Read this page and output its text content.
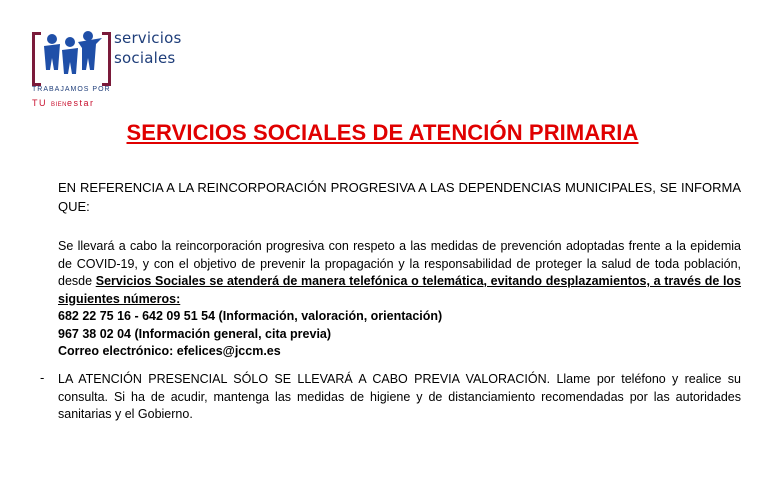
servicios
sociales
TRABAJAMOS POR
TU BIENestar
SERVICIOS SOCIALES DE ATENCIÓN PRIMARIA
EN REFERENCIA A LA REINCORPORACIÓN PROGRESIVA A LAS DEPENDENCIAS MUNICIPALES, SE INFORMA QUE:
Se llevará a cabo la reincorporación progresiva con respeto a las medidas de prevención adoptadas frente a la epidemia de COVID-19, y con el objetivo de prevenir la propagación y la responsabilidad de proteger la salud de toda población, desde Servicios Sociales se atenderá de manera telefónica o telemática, evitando desplazamientos, a través de los siguientes números:
682 22 75 16 - 642 09 51 54 (Información, valoración, orientación)
967 38 02 04 (Información general, cita previa)
Correo electrónico: efelices@jccm.es
- LA ATENCIÓN PRESENCIAL SÓLO SE LLEVARÁ A CABO PREVIA VALORACIÓN. Llame por teléfono y realice su consulta. Si ha de acudir, mantenga las medidas de higiene y de distanciamiento recomendadas por las autoridades sanitarias y el Gobierno.
